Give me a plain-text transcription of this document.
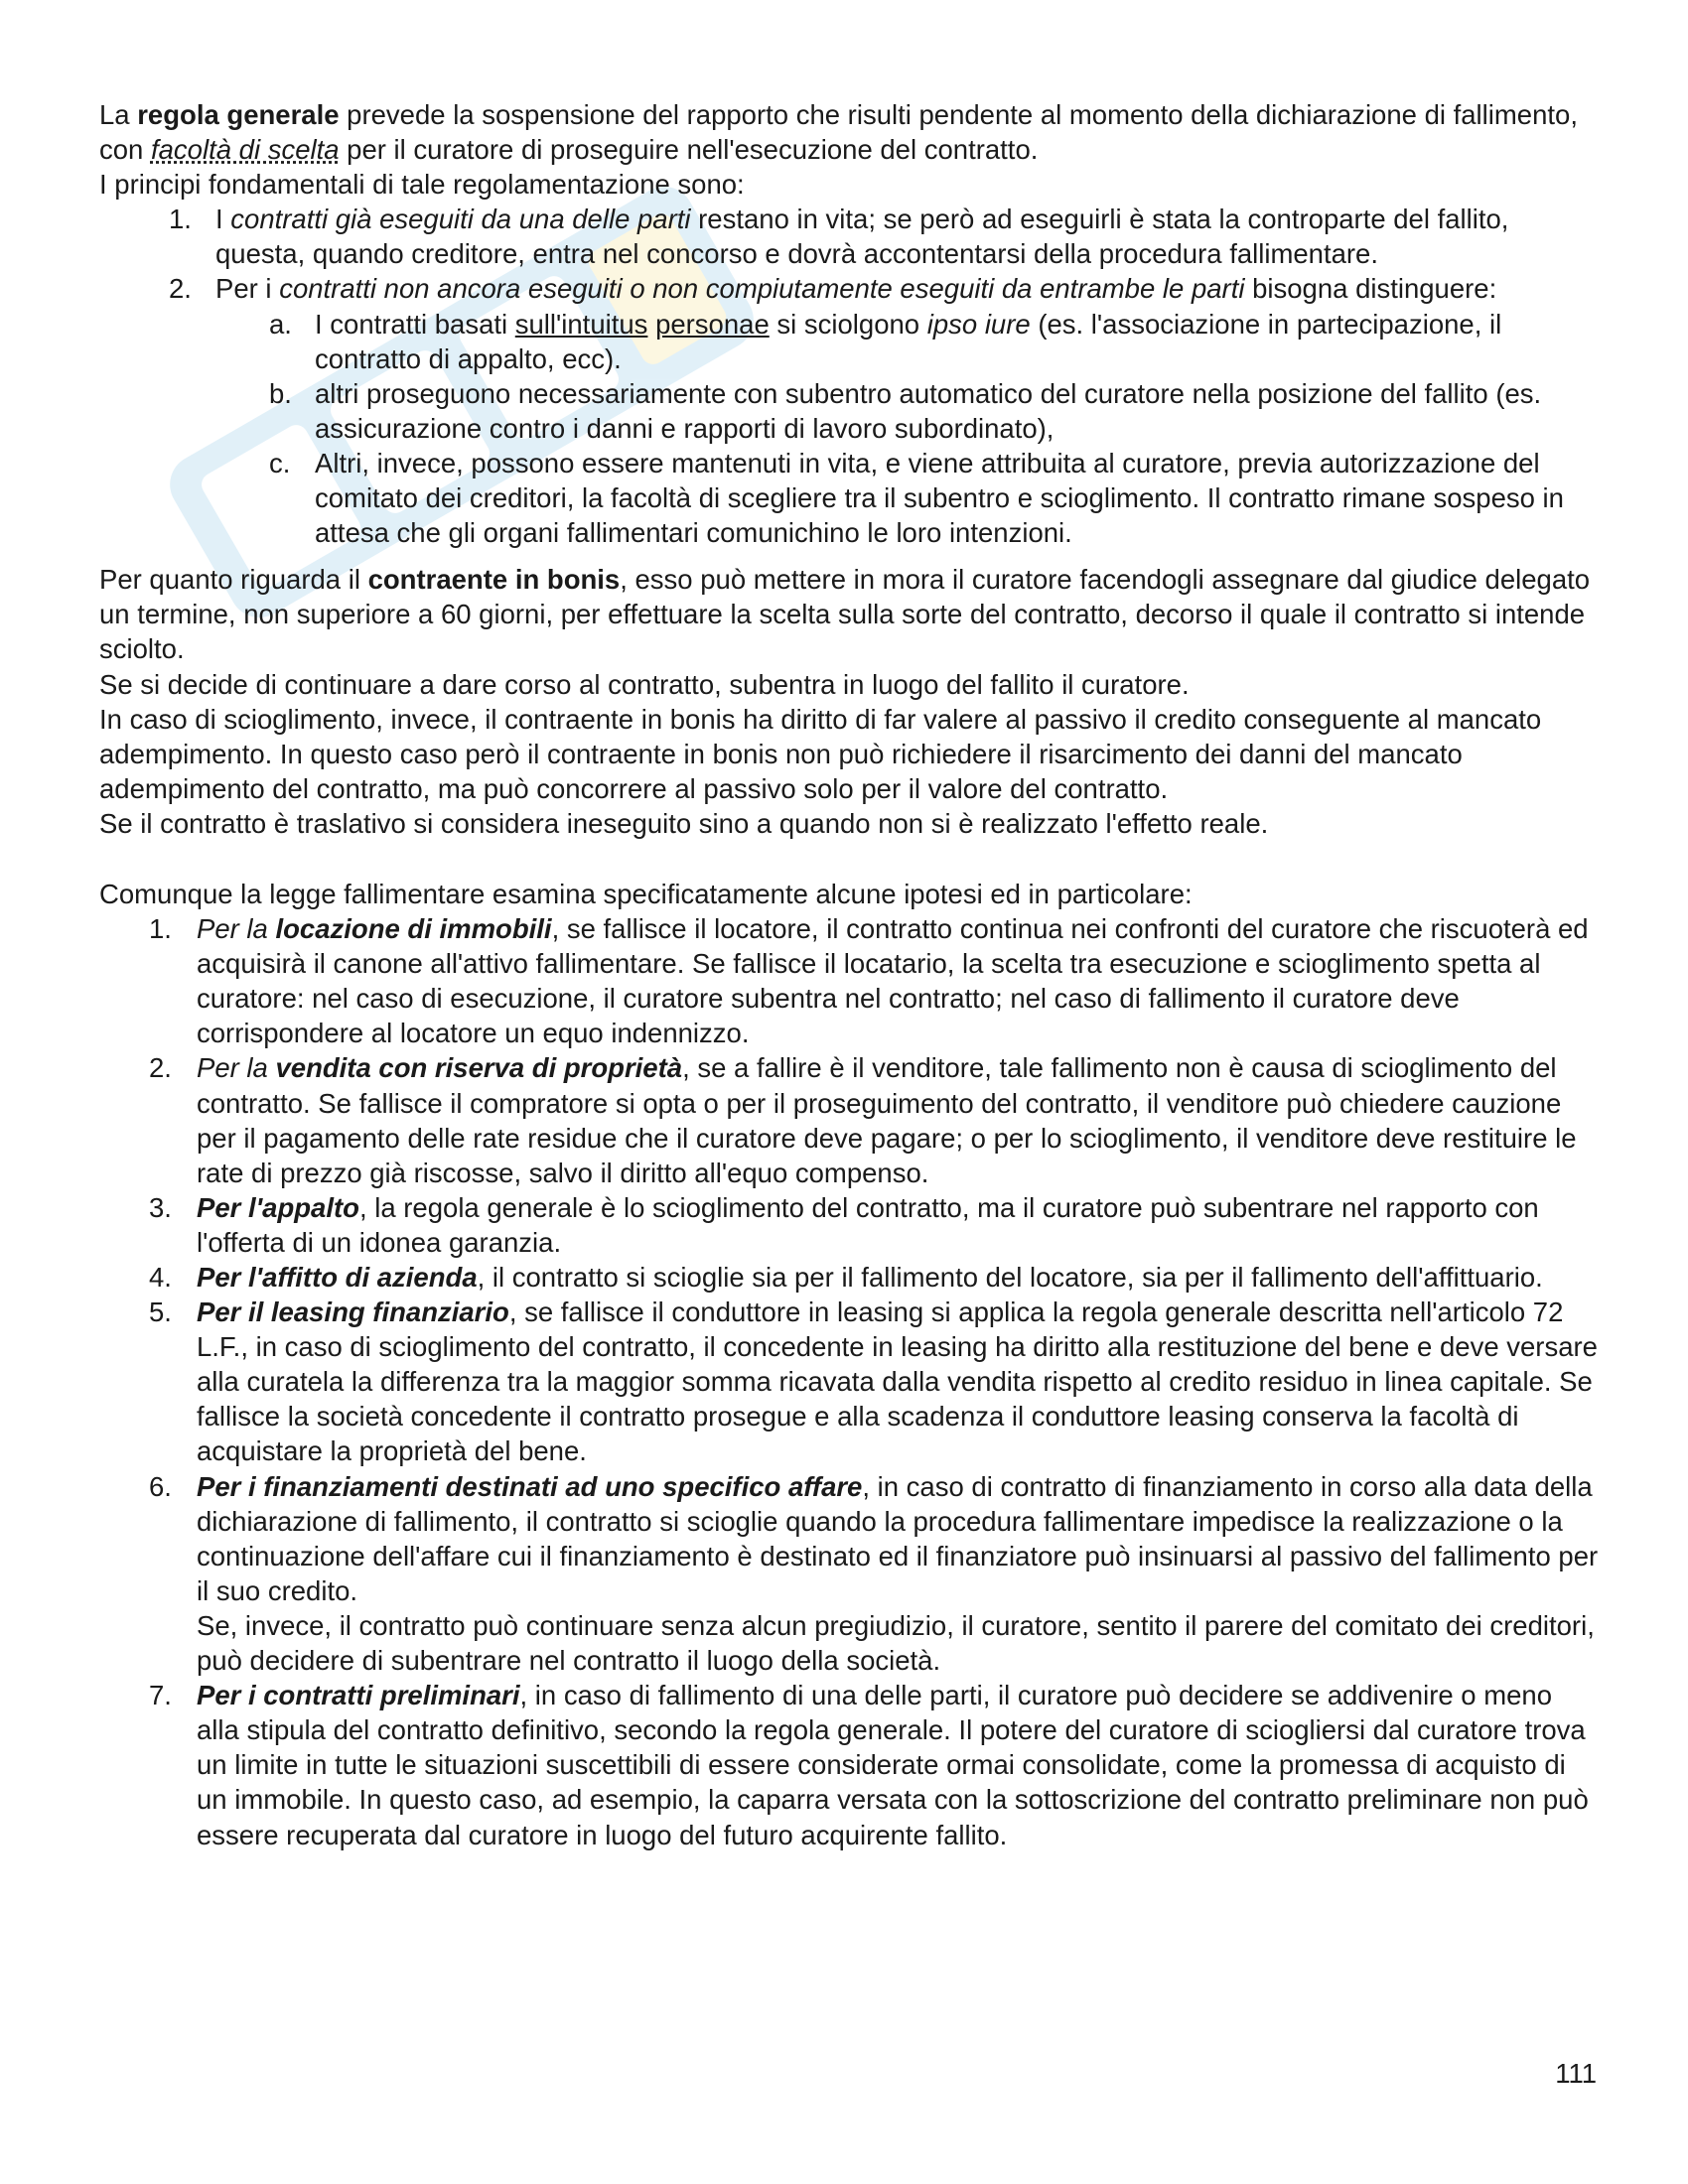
La regola generale prevede la sospensione del rapporto che risulti pendente al momento della dichiarazione di fallimento, con facoltà di scelta per il curatore di proseguire nell'esecuzione del contratto.

I principi fondamentali di tale regolamentazione sono:

1. I contratti già eseguiti da una delle parti restano in vita; se però ad eseguirli è stata la controparte del fallito, questa, quando creditore, entra nel concorso e dovrà accontentarsi della procedura fallimentare.
2. Per i contratti non ancora eseguiti o non compiutamente eseguiti da entrambe le parti bisogna distinguere:
a. I contratti basati sull'intuitus personae si sciolgono ipso iure (es. l'associazione in partecipazione, il contratto di appalto, ecc).
b. altri proseguono necessariamente con subentro automatico del curatore nella posizione del fallito (es. assicurazione contro i danni e rapporti di lavoro subordinato),
c. Altri, invece, possono essere mantenuti in vita, e viene attribuita al curatore, previa autorizzazione del comitato dei creditori, la facoltà di scegliere tra il subentro e scioglimento. Il contratto rimane sospeso in attesa che gli organi fallimentari comunichino le loro intenzioni.

Per quanto riguarda il contraente in bonis, esso può mettere in mora il curatore facendogli assegnare dal giudice delegato un termine, non superiore a 60 giorni, per effettuare la scelta sulla sorte del contratto, decorso il quale il contratto si intende sciolto.

Se si decide di continuare a dare corso al contratto, subentra in luogo del fallito il curatore.

In caso di scioglimento, invece, il contraente in bonis ha diritto di far valere al passivo il credito conseguente al mancato adempimento. In questo caso però il contraente in bonis non può richiedere il risarcimento dei danni del mancato adempimento del contratto, ma può concorrere al passivo solo per il valore del contratto.

Se il contratto è traslativo si considera ineseguito sino a quando non si è realizzato l'effetto reale.

Comunque la legge fallimentare esamina specificatamente alcune ipotesi ed in particolare:

1. Per la locazione di immobili, se fallisce il locatore, il contratto continua nei confronti del curatore che riscuoterà ed acquisirà il canone all'attivo fallimentare. Se fallisce il locatario, la scelta tra esecuzione e scioglimento spetta al curatore: nel caso di esecuzione, il curatore subentra nel contratto; nel caso di fallimento il curatore deve corrispondere al locatore un equo indennizzo.
2. Per la vendita con riserva di proprietà, se a fallire è il venditore, tale fallimento non è causa di scioglimento del contratto. Se fallisce il compratore si opta o per il proseguimento del contratto, il venditore può chiedere cauzione per il pagamento delle rate residue che il curatore deve pagare; o per lo scioglimento, il venditore deve restituire le rate di prezzo già riscosse, salvo il diritto all'equo compenso.
3. Per l'appalto, la regola generale è lo scioglimento del contratto, ma il curatore può subentrare nel rapporto con l'offerta di un idonea garanzia.
4. Per l'affitto di azienda, il contratto si scioglie sia per il fallimento del locatore, sia per il fallimento dell'affittuario.
5. Per il leasing finanziario, se fallisce il conduttore in leasing si applica la regola generale descritta nell'articolo 72 L.F., in caso di scioglimento del contratto, il concedente in leasing ha diritto alla restituzione del bene e deve versare alla curatela la differenza tra la maggior somma ricavata dalla vendita rispetto al credito residuo in linea capitale. Se fallisce la società concedente il contratto prosegue e alla scadenza il conduttore leasing conserva la facoltà di acquistare la proprietà del bene.
6. Per i finanziamenti destinati ad uno specifico affare, in caso di contratto di finanziamento in corso alla data della dichiarazione di fallimento, il contratto si scioglie quando la procedura fallimentare impedisce la realizzazione o la continuazione dell'affare cui il finanziamento è destinato ed il finanziatore può insinuarsi al passivo del fallimento per il suo credito.
Se, invece, il contratto può continuare senza alcun pregiudizio, il curatore, sentito il parere del comitato dei creditori, può decidere di subentrare nel contratto il luogo della società.
7. Per i contratti preliminari, in caso di fallimento di una delle parti, il curatore può decidere se addivenire o meno alla stipula del contratto definitivo, secondo la regola generale. Il potere del curatore di sciogliersi dal curatore trova un limite in tutte le situazioni suscettibili di essere considerate ormai consolidate, come la promessa di acquisto di un immobile. In questo caso, ad esempio, la caparra versata con la sottoscrizione del contratto preliminare non può essere recuperata dal curatore in luogo del futuro acquirente fallito.
111
